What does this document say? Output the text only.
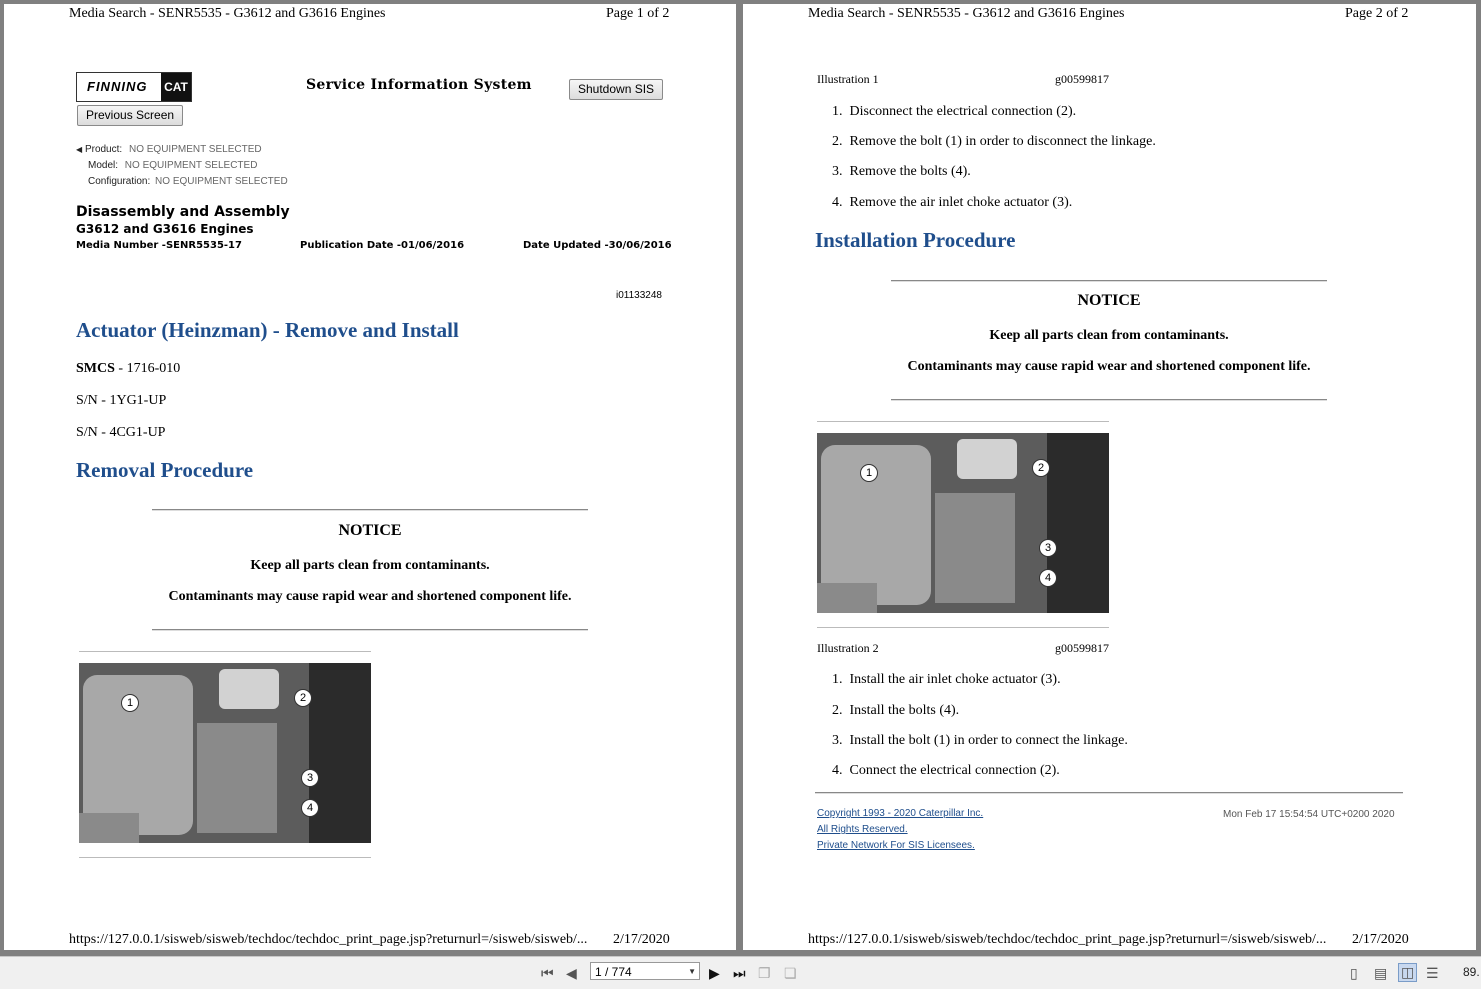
Media Search - SENR5535 - G3612 and G3616 Engines	Page 1 of 2
FINNING CAT	Service Information System	Shutdown SIS
Previous Screen
◀ Product: NO EQUIPMENT SELECTED
Model: NO EQUIPMENT SELECTED
Configuration: NO EQUIPMENT SELECTED
Disassembly and Assembly
G3612 and G3616 Engines
Media Number -SENR5535-17	Publication Date -01/06/2016	Date Updated -30/06/2016
i01133248
Actuator (Heinzman) - Remove and Install
SMCS - 1716-010
S/N - 1YG1-UP
S/N - 4CG1-UP
Removal Procedure
NOTICE
Keep all parts clean from contaminants.
Contaminants may cause rapid wear and shortened component life.
1	2
3
4
https://127.0.0.1/sisweb/sisweb/techdoc/techdoc_print_page.jsp?returnurl=/sisweb/sisweb/... 2/17/2020
Media Search - SENR5535 - G3612 and G3616 Engines	Page 2 of 2
Illustration 1	g00599817
1. Disconnect the electrical connection (2).
2. Remove the bolt (1) in order to disconnect the linkage.
3. Remove the bolts (4).
4. Remove the air inlet choke actuator (3).
Installation Procedure
NOTICE
Keep all parts clean from contaminants.
Contaminants may cause rapid wear and shortened component life.
1	2
3
4
Illustration 2	g00599817
1. Install the air inlet choke actuator (3).
2. Install the bolts (4).
3. Install the bolt (1) in order to connect the linkage.
4. Connect the electrical connection (2).
Copyright 1993 - 2020 Caterpillar Inc.
All Rights Reserved.
Private Network For SIS Licensees.
Mon Feb 17 15:54:54 UTC+0200 2020
https://127.0.0.1/sisweb/sisweb/techdoc/techdoc_print_page.jsp?returnurl=/sisweb/sisweb/... 2/17/2020
⏮ ◀	1 / 774	▼ ▶ ⏭ ❐ ❏	▯ ▤ ◫ ☰ 89.
